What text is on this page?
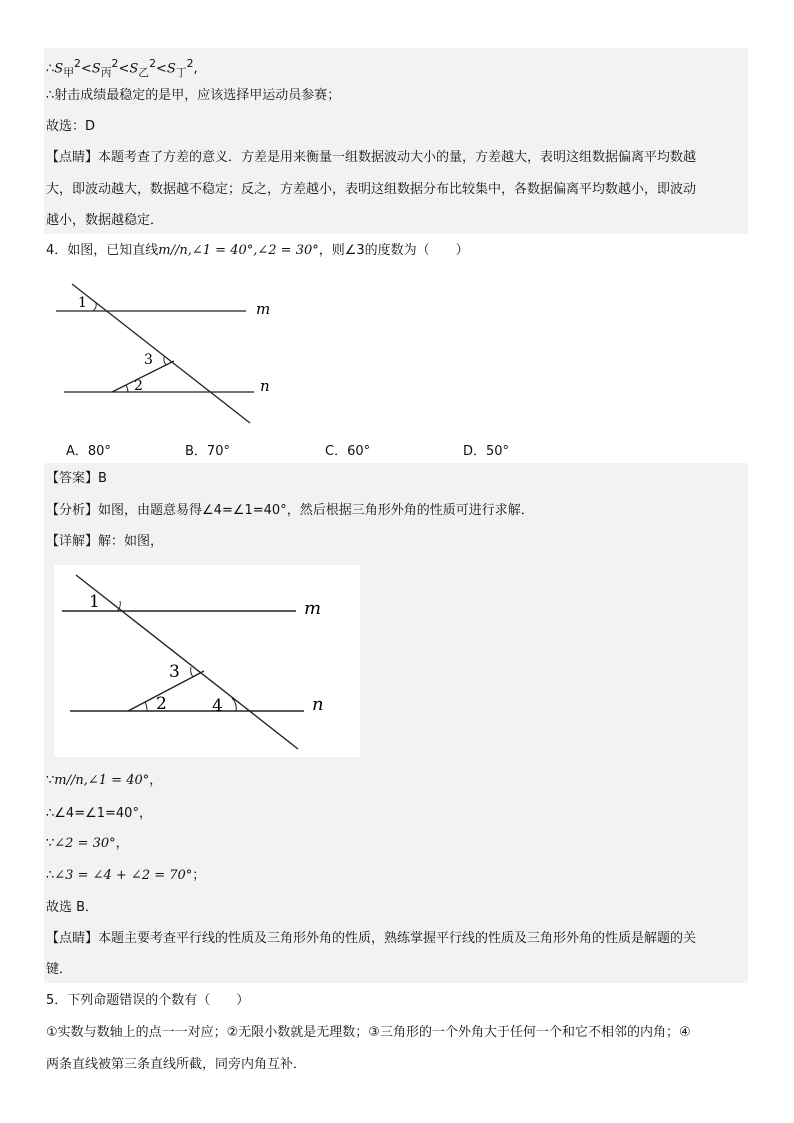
$\therefore S_甲^2<S_丙^2<S_乙^2<S_丁^2$,
∴射击成绩最稳定的是甲，应该选择甲运动员参赛；
故选：D
【点睛】本题考查了方差的意义．方差是用来衡量一组数据波动大小的量，方差越大，表明这组数据偏离平均数越
大，即波动越大，数据越不稳定；反之，方差越小，表明这组数据分布比较集中，各数据偏离平均数越小，即波动
越小，数据越稳定．
4．如图，已知直线m//n,∠1 = 40°,∠2 = 30°，则∠3的度数为（　　）
1
3
2
m
n
A．80°	B．70°	C．60°	D．50°
【答案】B
【分析】如图，由题意易得∠4=∠1=40°，然后根据三角形外角的性质可进行求解．
【详解】解：如图，
1
3
2	4
m
n
∵m//n,∠1 = 40°，
∴∠4=∠1=40°，
∵∠2 = 30°，
∴∠3 = ∠4 + ∠2 = 70°；
故选 B．
【点睛】本题主要考查平行线的性质及三角形外角的性质，熟练掌握平行线的性质及三角形外角的性质是解题的关
键．
5．下列命题错误的个数有（　　）
①实数与数轴上的点一一对应；②无限小数就是无理数；③三角形的一个外角大于任何一个和它不相邻的内角；④
两条直线被第三条直线所截，同旁内角互补．
